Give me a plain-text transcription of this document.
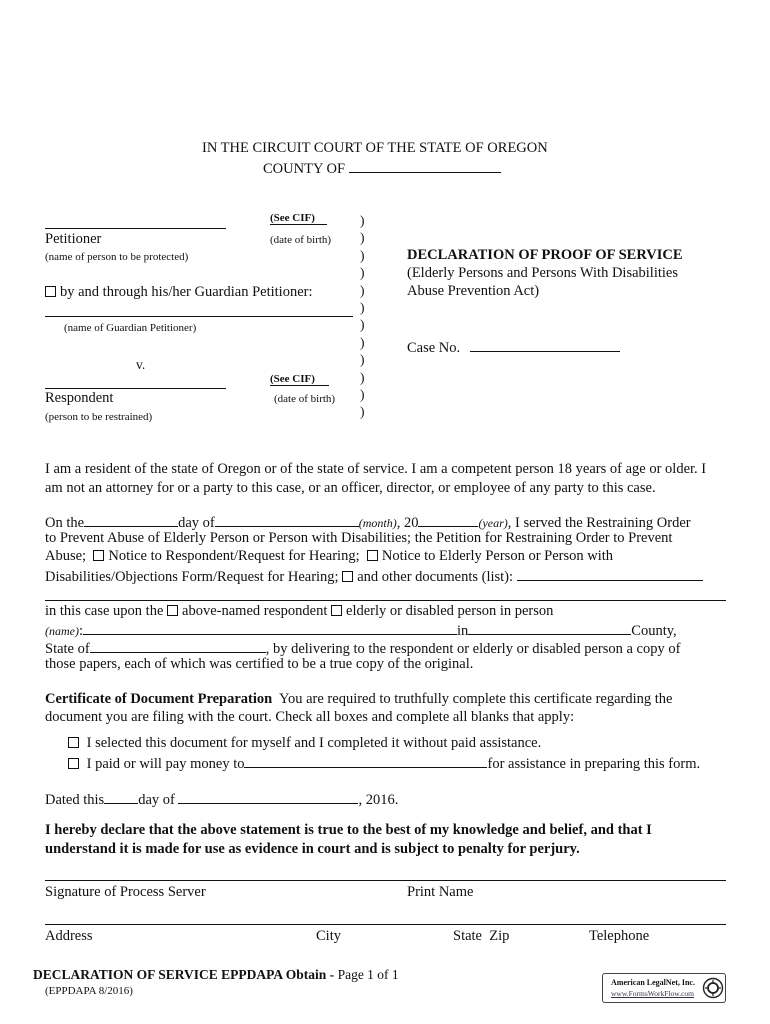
IN THE CIRCUIT COURT OF THE STATE OF OREGON
COUNTY OF
(See CIF)
Petitioner	(date of birth)
(name of person to be protected)
by and through his/her Guardian Petitioner:
(name of Guardian Petitioner)
v.
(See CIF)
Respondent	(date of birth)
(person to be restrained)
)
)
)
)
)
)
)
)
)
)
)
)
DECLARATION OF PROOF OF SERVICE
(Elderly Persons and Persons With Disabilities
Abuse Prevention Act)
Case No.
I am a resident of the state of Oregon or of the state of service. I am a competent person 18 years of age or older. I
am not an attorney for or a party to this case, or an officer, director, or employee of any party to this case.
On the	day of	(month), 20	(year), I served the Restraining Order
to Prevent Abuse of Elderly Person or Person with Disabilities; the Petition for Restraining Order to Prevent
Abuse; Notice to Respondent/Request for Hearing; Notice to Elderly Person or Person with
Disabilities/Objections Form/Request for Hearing; and other documents (list):
in this case upon the above-named respondent elderly or disabled person in person
(name):	in	County,
State of	, by delivering to the respondent or elderly or disabled person a copy of
those papers, each of which was certified to be a true copy of the original.
Certificate of Document Preparation You are required to truthfully complete this certificate regarding the
document you are filing with the court. Check all boxes and complete all blanks that apply:
I selected this document for myself and I completed it without paid assistance.
I paid or will pay money to	for assistance in preparing this form.
Dated this day of	, 2016.
I hereby declare that the above statement is true to the best of my knowledge and belief, and that I
understand it is made for use as evidence in court and is subject to penalty for perjury.
Signature of Process Server	Print Name
Address	City	State  Zip	Telephone
DECLARATION OF SERVICE EPPDAPA Obtain - Page 1 of 1
(EPPDAPA 8/2016)
American LegalNet, Inc.
www.FormsWorkFlow.com
